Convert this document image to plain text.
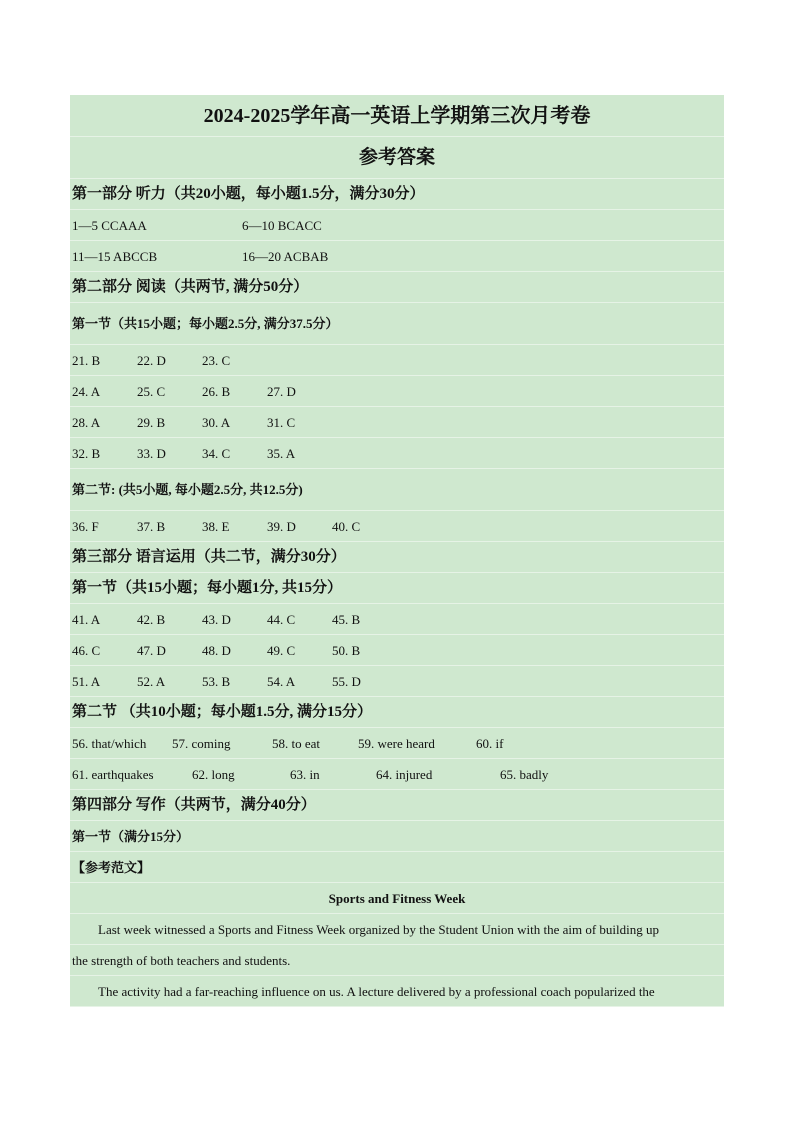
2024-2025学年高一英语上学期第三次月考卷
参考答案
第一部分 听力（共20小题，每小题1.5分，满分30分）
1—5 CCAAA	6—10 BCACC
11—15 ABCCB	16—20 ACBAB
第二部分 阅读（共两节, 满分50分）
第一节（共15小题；每小题2.5分, 满分37.5分）
21. B	22. D	23. C
24. A	25. C	26. B	27. D
28. A	29. B	30. A	31. C
32. B	33. D	34. C	35. A
第二节: (共5小题, 每小题2.5分, 共12.5分)
36. F	37. B	38. E	39. D	40. C
第三部分 语言运用（共二节，满分30分）
第一节（共15小题；每小题1分, 共15分）
41. A	42. B	43. D	44. C	45. B
46. C	47. D	48. D	49. C	50. B
51. A	52. A	53. B	54. A	55. D
第二节 （共10小题；每小题1.5分, 满分15分）
56. that/which 57. coming	58. to eat	59. were heard	60. if
61. earthquakes	62. long	63. in	64. injured	65. badly
第四部分 写作（共两节，满分40分）
第一节（满分15分）
【参考范文】
Sports and Fitness Week
Last week witnessed a Sports and Fitness Week organized by the Student Union with the aim of building up
the strength of both teachers and students.
The activity had a far-reaching influence on us. A lecture delivered by a professional coach popularized the
